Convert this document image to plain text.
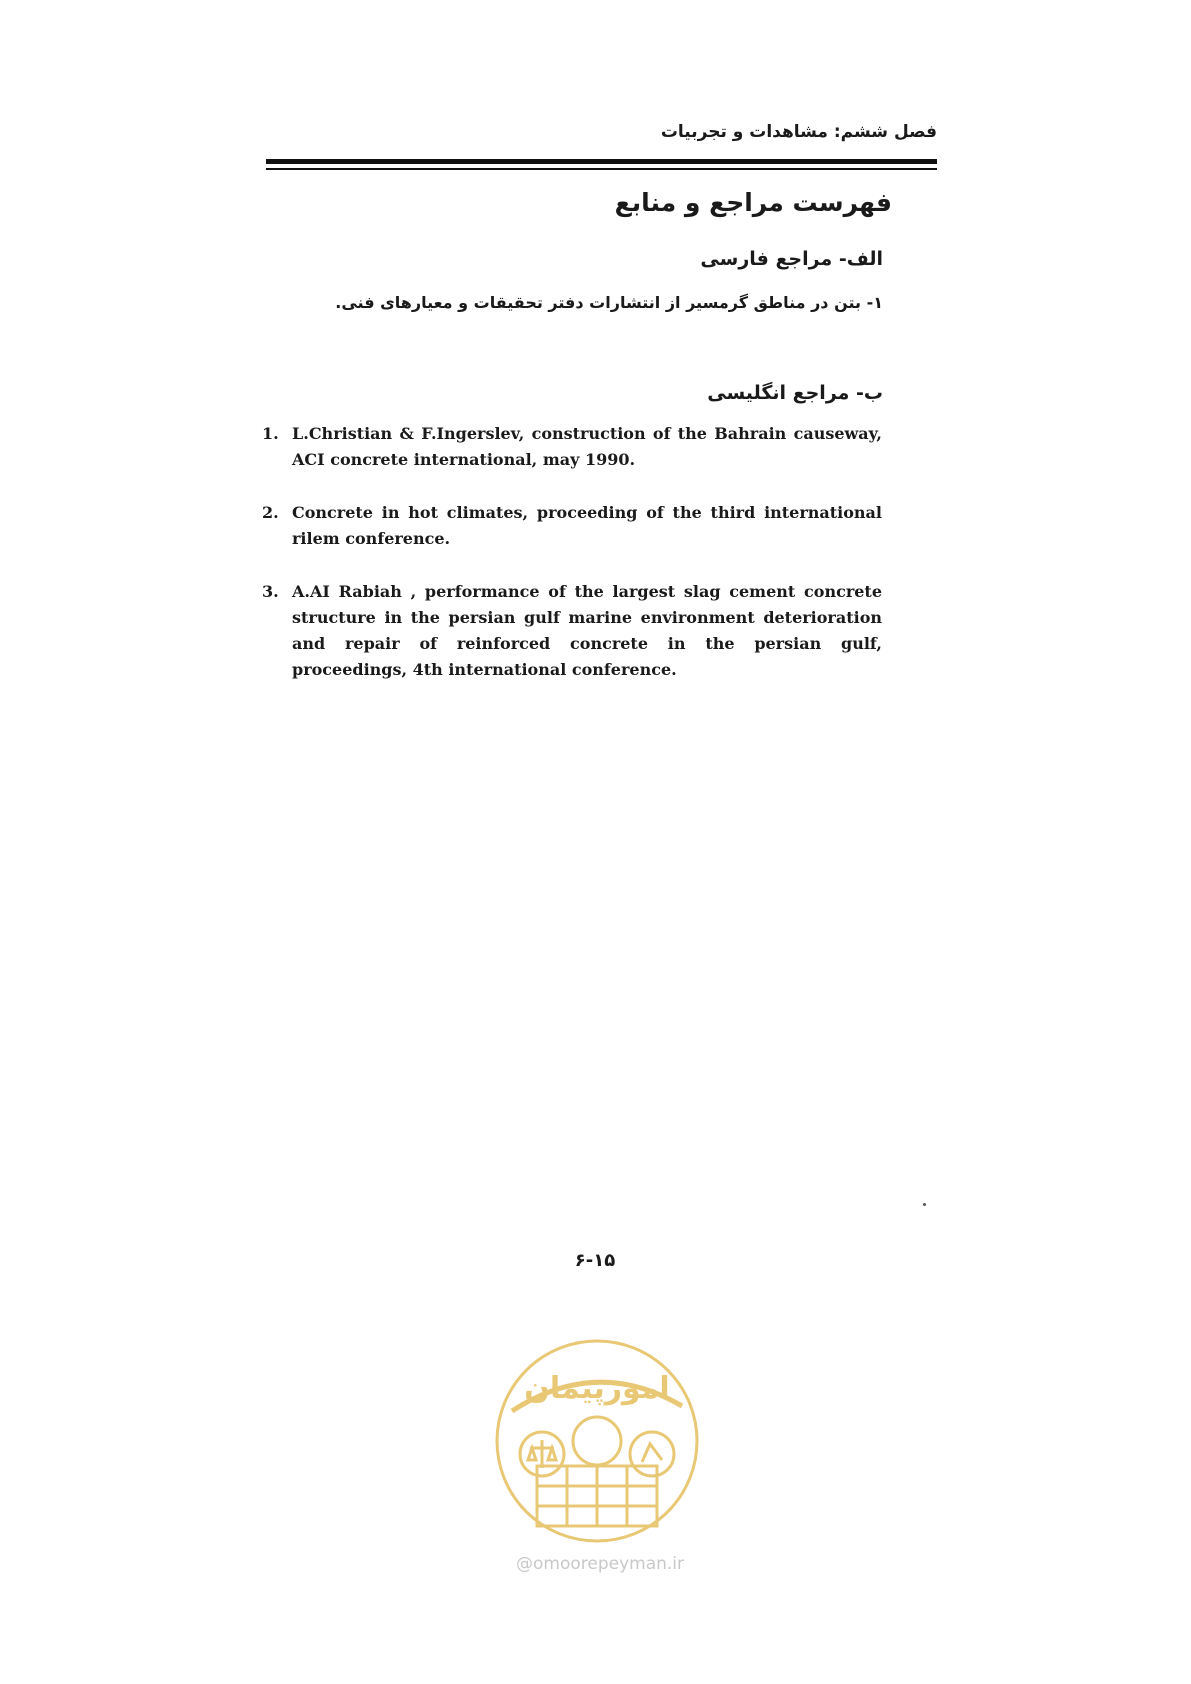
فصل ششم: مشاهدات و تجربیات
فهرست مراجع و منابع
الف- مراجع فارسی
۱- بتن در مناطق گرمسیر از انتشارات دفتر تحقیقات و معیارهای فنی.
ب- مراجع انگلیسی
1. L.Christian & F.Ingerslev, construction of the Bahrain causeway, ACI concrete international, may 1990.
2. Concrete in hot climates, proceeding of the third international rilem conference.
3. A.AI Rabiah , performance of the largest slag cement concrete structure in the persian gulf marine environment deterioration and repair of reinforced concrete in the persian gulf, proceedings, 4th international conference.
۶-۱۵
امورپیمان
@omoorepeyman.ir
